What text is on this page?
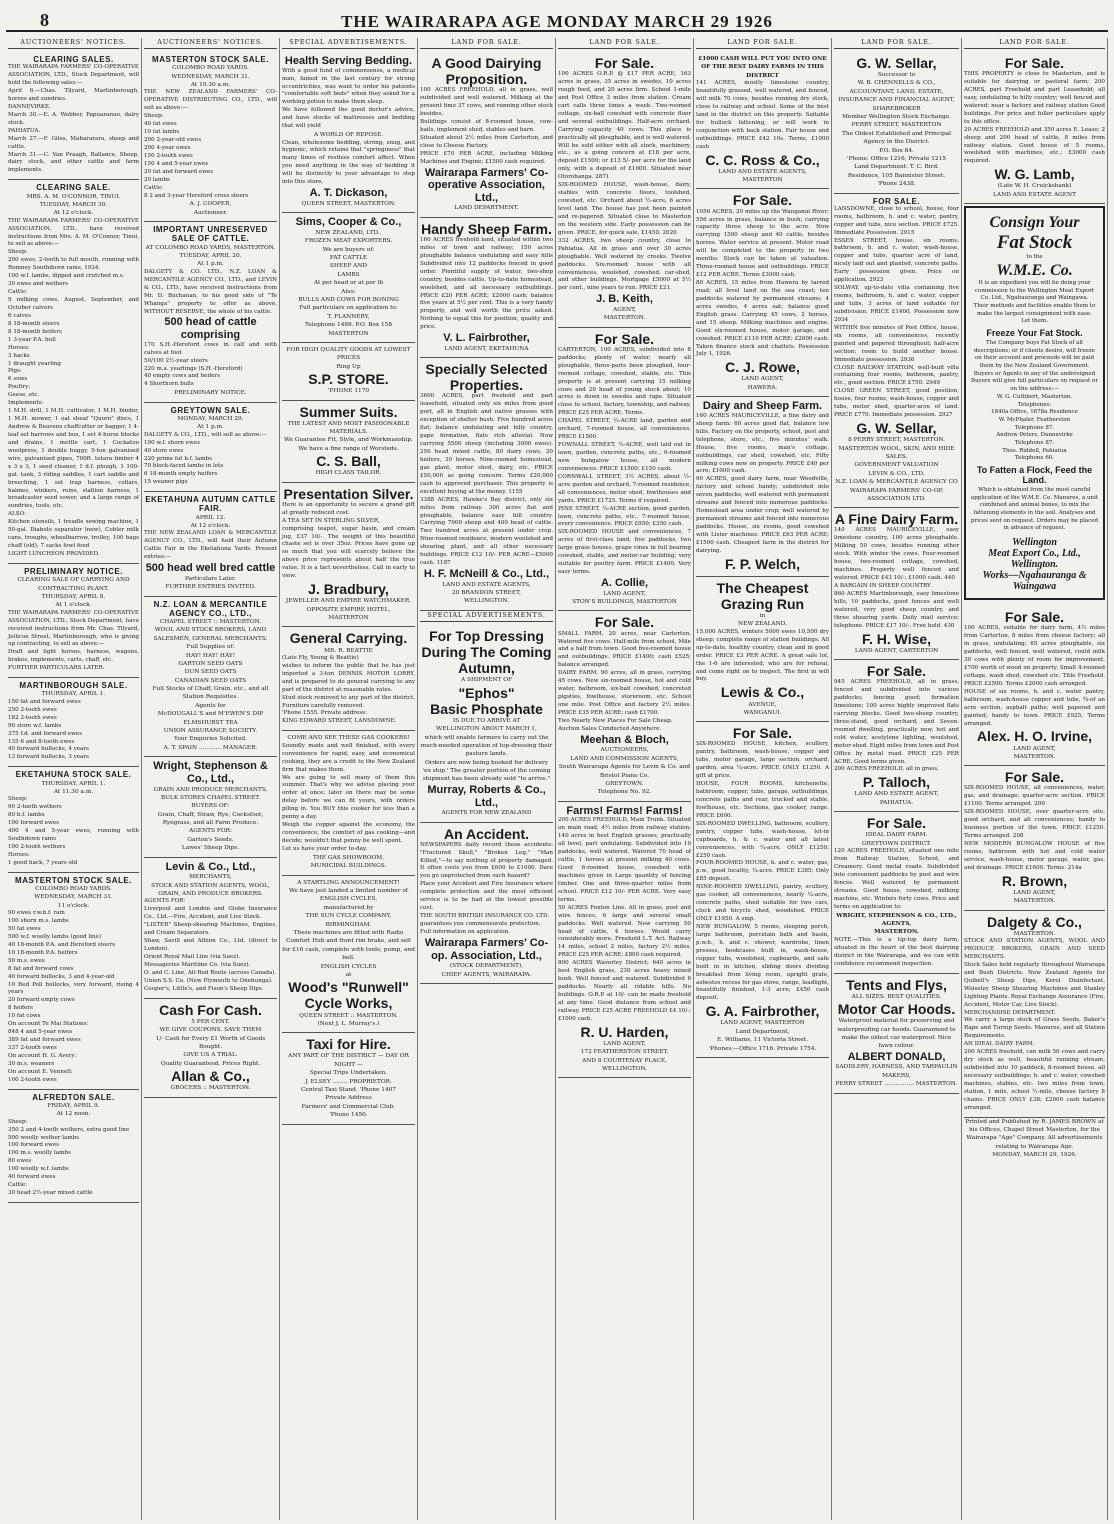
8	THE WAIRARAPA AGE MONDAY MARCH 29 1926
AUCTIONEERS' NOTICES.
CLEARING SALES.
THE WAIRARAPA FARMERS' CO-OPERATIVE ASSOCIATION, LTD., Stock Department, will hold the following sales:—
April 6.—Chas. Tilyard, Martinborough, horses and sundries.
DANNEVIRKE.
March 30.—E. A. Webber, Papuaranuo, dairy stock.
PAHIATUA.
March 27.—F. Giles, Mahararara, sheep and cattle.
March 31.—C. Van Praagh, Ballance, Sheep, dairy stock, and other cattle and farm implements.
CLEARING SALE.
MRS. A. M. O'CONNOR, TINUI.
TUESDAY, MARCH 30.
At 12 o'clock.
THE WAIRARAPA FARMERS' CO-OPERATIVE ASSOCIATION, LTD., have received instructions from Mrs. A. M. O'Connor, Tinui, to sell as above:—
Sheep:
200 ewes, 2-tooth to full mouth, running with Romney Southdown rams, 1924.
100 w.f. lambs, dipped and crutched m.s.
30 ewes and wethers
Cattle:
9 milking cows, August, September, and October calvers
6 calves
8 18-month steers
8 18-month heifers
1 3-year P.A. bull
Horses:
3 hacks
1 draught yearling
Pigs:
6 sows
Poultry:
Geese, etc.
Implements:
1 M.H. drill, 1 M.H. cultivator, 1 M.H. binder, 1 M.H. mower, 1 oat sheaf "Quorn" discs, 1 Andrew & Beavens chaffcutter or bagger, 1 4-leaf set harrows and box, 1 set 4-horse blocks and drains, 1 mettle cart, 1 Cockatoo woolpress, 1 double buggy, 5-ton galvanised wire, galvanised pipes, 700ft. totara timber 4 x 3 x 3, 1 seed cleaner, 1 d.f. plough, 1 100-gal. tank, 3 riding saddles, 1 cart saddle and breeching, 1 set trap harness, collars, haimes, winkers, reins, stallion harness, 1 broadcaster seed sower, and a large range of sundries, tools, etc.
ALSO:
Kitchen utensils, 1 treadle sewing machine, 1 50-gal. Diabolo separator (new), Cobler milk cans, troughs, wheelbarrow, trolley, 100 bags chaff (old), 7 sacks fowl feed
LIGHT LUNCHEON PROVIDED.
PRELIMINARY NOTICE.
CLEARING SALE OF CARRYING AND CONTRACTING PLANT.
THURSDAY, APRIL 8.
At 1 o'clock.
THE WAIRARAPA FARMERS' CO-OPERATIVE ASSOCIATION, LTD., Stock Department, have received instructions from Mr. Chas. Tilyard, Jellicoe Street, Martinborough, who is giving up contracting, to sell as above:—
Draft and light horses, harness, wagons, brakes, implements, carts, chaff, etc.
FURTHER PARTICULARS LATER.
MARTINBOROUGH SALE.
THURSDAY, APRIL 1.
150 fat and forward ewes
250 2-tooth ewes
182 2-tooth ewes
90 store w.f. lambs
375 f.d. and forward ewes
135 6 and 8-tooth ewes
40 forward bullocks, 4 years
13 forward bullocks, 3 years
EKETAHUNA STOCK SALE.
THURSDAY, APRIL 1.
At 11.30 a.m.
Sheep:
90 2-tooth wethers
80 b.f. lambs
100 forward ewes
400 4 and 5-year ewes, running with Southdown rams
100 2-tooth wethers
Horses:
1 good hack, 7 years old
MASTERTON STOCK SALE.
COLOMBO ROAD YARDS.
WEDNESDAY, MARCH 31.
11 o'clock.
90 ewes r.w.b.f. ram
100 shorn m.s. lambs
50 fat ewes
500 w.f. woolly lambs (good line)
40 18-month P.A. and Hereford steers
10 18-month P.A. heifers
50 m.s. ewes
8 fat and forward cows
40 forward bullocks, 3 and 4-year-old
10 Red Poll bullocks, very forward, rising 4 years
20 forward empty cows
8 heifers
10 fat cows
On account Te Mai Stations:
848 4 and 5-year ewes
389 fat and forward ewes
337 2-tooth ewes
On account H. G. Avery:
30 m.s. weaners
On account E. Vennell:
100 2-tooth ewes
ALFREDTON SALE.
FRIDAY, APRIL 9.
At 12 noon.
Sheep:
350 2 and 4-tooth wethers, extra good line
500 woolly wether lambs
100 forward ewes
100 m.s. woolly lambs
80 ewes
100 woolly w.f. lambs
40 forward ewes
Cattle:
30 head 2½-year mixed cattle
AUCTIONEERS' NOTICES.
MASTERTON STOCK SALE.
COLOMBO ROAD YARDS.
WEDNESDAY, MARCH 31.
At 10.30 a.m.
THE NEW ZEALAND FARMERS' CO-OPERATIVE DISTRIBUTING CO., LTD., will sell as above:—
Sheep:
40 fat ewes
10 fat lambs
200 2-year-old ewes
200 4-year ewes
150 2-tooth ewes
150 4 and 5-year ewes
20 fat and forward ewes
20 lambs
Cattle:
8 2 and 3-year Hereford cross steers
A. J. COOPER,
Auctioneer.
IMPORTANT UNRESERVED SALE OF CATTLE.
AT COLOMBO ROAD YARDS, MASTERTON.
TUESDAY, APRIL 20.
At 1 p.m.
DALGETY & CO. LTD., N.Z. LOAN & MERCANTILE AGENCY CO., LTD., and LEVIN & CO., LTD., have received instructions from Mr. D. Buchanan, to his good side of "Te Whanga" property to offer as above, WITHOUT RESERVE, the whole of his cattle.
500 head of cattle comprising
170 S.H.-Hereford cows in calf and with calves at foot
50/100 2½-year steers
220 m.a. yearlings (S.H.-Hereford)
40 empty cows and heifers
4 Shorthorn bulls
PRELIMINARY NOTICE.
GREYTOWN SALE.
MONDAY, MARCH 29.
At 1 p.m.
DALGETY & CO., LTD., will sell as above:—
100 w.f. shorn ewes
40 store ewes
220 prime fat b.f. lambs
70 block-faced lambs in lots
6 18-month empty heifers
15 weaner pigs
EKETAHUNA AUTUMN CATTLE FAIR.
APRIL 12.
At 12 o'clock.
THE NEW ZEALAND LOAN & MERCANTILE AGENCY CO., LTD., will hold their Autumn Cattle Fair in the Eketahuna Yards. Present entries:—
500 head well bred cattle
Particulars Later.
FURTHER ENTRIES INVITED.
N.Z. LOAN & MERCANTILE AGENCY CO., LTD.,
CHAPEL STREET :: MASTERTON.
WOOL AND STOCK BROKERS, LAND SALESMEN, GENERAL MERCHANTS.
Full Supplies of:
HAY! HAY! HAY!
GARTON SEED OATS
DUN SEED OATS
CANADIAN SEED OATS
Full Stocks of Chaff, Grain, etc., and all Station Requisites.
Agents for
McDOUGALL'S and M'EWEN'S DIP
ELMSHURST TEA
UNION ASSURANCE SOCIETY.
Your Enquiries Solicited.
A. T. SPAIN ............ MANAGER.
Wright, Stephenson & Co., Ltd.,
GRAIN AND PRODUCE MERCHANTS,
BULK STORES CHAPEL STREET.
BUYERS OF:
Grain, Chaff, Straw, Rye, Cocksfoot, Ryegrass, and all Farm Produce.
AGENTS FOR:
Garton's Seeds.
Lawes' Sheep Dips.
Levin & Co., Ltd.,
MERCHANTS,
STOCK AND STATION AGENTS, WOOL, GRAIN, AND PRODUCE BROKERS.
AGENTS FOR:
Liverpool and London and Globe Insurance Co., Ltd.—Fire, Accident, and Live Stock.
"LISTER" Sheep-shearing Machines, Engines, and Cream Separators.
Shaw, Savill and Albion Co., Ltd. (direct to London).
Orient Royal Mail Line (via Suez).
Messageries Maritime Co. (via Suez).
O. and C. Line, All-Red Route (across Canada).
Union S.S. Co. (New Plymouth to Onehunga).
Cooper's, Little's, and Fison's Sheep Dips.
Cash For Cash.
5 PER CENT.
WE GIVE COUPONS. SAVE THEM
1/- Cash for Every £1 Worth of Goods Bought.
GIVE US A TRIAL.
Quality Guaranteed. Prices Right.
Allan & Co.,
GROCERS :: MASTERTON.
SPECIAL ADVERTISEMENTS.
Health Serving Bedding.
With a good fund of commonsense, a medical man, famed in the last century for strong eccentricities, was want to order his patients "comfortable soft beds" when they asked for a working potion to make them sleep.
We have followed the good doctor's advice, and have stocks of mattresses and bedding that will yield
A WORLD OF REPOSE.
Clean, wholesome bedding, strong, snug, and hygienic, which retains that "springiness" that many times of restless comfort affect. When you need anything in the way of bedding it will be distinctly to your advantage to step into this store.
A. T. Dickason,
QUEEN STREET, MASTERTON.
Sims, Cooper & Co.,
NEW ZEALAND, LTD.,
FROZEN MEAT EXPORTERS.
We are buyers of:
FAT CATTLE
SHEEP AND
LAMBS
At per head or at per lb
Also:
BULLS AND COWS FOR BONING
Full particulars on application to:
T. FLANNERY,
Telephone 1486. P.O. Box 158
MASTERTON
FOR HIGH QUALITY GOODS AT LOWEST PRICES
Ring Up
S.P. STORE.
'PHONE 1170
Summer Suits.
THE LATEST AND MOST FASHIONABLE MATERIALS.
We Guarantee Fit, Style, and Workmanship.
We have a fine range of Worsteds.
C. S. Ball,
HIGH CLASS TAILOR.
Presentation Silver.
Here is an opportunity to secure a grand gift at greatly reduced cost.
A TEA SET IN STERLING SILVER,
comprising teapot, sugar basin, and cream jug, £37 10/-. The weight of this beautiful chaste set is over 35oz. Prices have gone up so much that you will scarcely believe the above price represents about half the true value. It is a fact nevertheless. Call in early to view.
J. Bradbury,
JEWELLER AND EMPIRE WATCHMAKER,
OPPOSITE EMPIRE HOTEL,
MASTERTON
General Carrying.
MR. R. BEATTIE
(Late Fly, Young & Beattie)
wishes to inform the public that he has just imported a 3-ton DENNIS MOTOR LORRY, and is prepared to do general carrying to any part of the district at reasonable rates.
Stud stock removed to any part of the district. Furniture carefully removed.
'Phone 1555. Private address:
KING EDWARD STREET, LANSDOWNE.
COME AND SEE THESE GAS COOKERS!
Soundly made and well finished, with every convenience for rapid, easy, and economical cooking, they are a credit to the New Zealand firm that makes them.
We are going to sell many of them this summer. That's why we advise placing your order at once; later on there may be some delay before we can fit yours, with orders piling in. You BUY this cooker for less than a penny a day.
Weigh the copper against the economy, the convenience, the comfort of gas cooking—and decide; wouldn't that penny be well spent.
Let us have your order to-day.
THE GAS SHOWROOM,
MUNICIPAL BUILDINGS.
A STARTLING ANNOUNCEMENT!
We have just landed a limited number of
ENGLISH CYCLES,
manufactured by
THE SUN CYCLE COMPANY,
BIRMINGHAM.
These machines are fitted with Radio Comfort Hub and front rim brake, and sell for £16 cash, complete with tools, pump, and bell.
ENGLISH CYCLES
at
Wood's "Runwell" Cycle Works,
QUEEN STREET :: MASTERTON.
(Next J. L. Murray's.)
Taxi for Hire.
ANY PART OF THE DISTRICT — DAY OR NIGHT —
Special Trips Undertaken.
J. ELSEY ........ PROPRIETOR.
Central Taxi Stand. 'Phone 1407
Private Address
Farmers' and Commercial Club.
'Phone 1450.
LAND FOR SALE.
A Good Dairying Proposition.
100 ACRES FREEHOLD, all in grass, well subdivided and well watered. Milking at the present time 37 cows, and running other stock besides.
Buildings consist of 8-roomed house, cow-bails, implement shed, stables and barn.
Situated about 2½ miles from Carterton, and close to Cheese Factory.
PRICE £70 PER ACRE, including Milking Machines and Engine; £1500 cash required.
Wairarapa Farmers' Co-operative Association, Ltd.,
LAND DEPARTMENT.
Handy Sheep Farm.
160 ACRES freehold land, situated within two miles of town and railway; 150 acres ploughable balance undulating and easy hills Subdivided into 12 paddocks fenced in good order. Plentiful supply of water, two-shop country, besides cattle. Up-to-date homestead, woolshed, and all necessary outbuildings. PRICE £20 PER ACRE; £2000 cash; balance five years at 5½ per cent. This is a very handy property, and well worth the price asked. Nothing to equal this for position, quality and price.
V. L. Fairbrother,
LAND AGENT, EKETAHUNA
Specially Selected Properties.
3600 ACRES, part freehold and part leasehold, situated only six miles from good port, all in English and native grasses with exception of shelter bush. Five hundred acres flat; balance undulating and hilly country, pape formation, flats rich alluvial. Now carrying 5500 sheep (including 3000 ewes), 250 head mixed cattle, 80 dairy cows, 20 heifers, 30 horses. Nine-roomed homestead, gas plant, motor shed, dairy, etc. PRICE £50,000 as going concern. Terms £20,000 cash to approved purchaser. This property is excellent buying at the money. 1155
3388 ACRES, Hawke's Bay district, only six miles from railway. 300 acres flat and ploughable, balance easy hill country. Carrying 7000 sheep and 400 head of cattle. Two hundred acres at present under crop. Nine-roomed residence, modern woolshed and shearing plant, and all other necessary buildings. PRICE £12 10/- PER ACRE—£5000 cash. 1187
H. F. McNeill & Co., Ltd.,
LAND AND ESTATE AGENTS,
20 BRANDON STREET,
WELLINGTON.
SPECIAL ADVERTISEMENTS.
For Top Dressing During The Coming Autumn,
A SHIPMENT OF
"Ephos"
Basic Phosphate
IS DUE TO ARRIVE AT
WELLINGTON ABOUT MARCH 1,
which will enable farmers to carry out the much-needed operation of top-dressing their pasture lands.
Orders are now being booked for delivery 'ex ship.' The greater portion of the coming shipment has been already sold "to arrive."
Murray, Roberts & Co., Ltd.,
AGENTS FOR NEW ZEALAND
An Accident.
NEWSPAPERS daily record these accidents: "Fractured Skull," "Broken Leg," "Man Killed,"—to say nothing of property damaged. It often costs you from £600 to £1000. Dare you go unprotected from such hazard?
Place your Accident and Fire Insurance where complete protection and the most efficient service is to be had at the lowest possible cost.
THE SOUTH BRITISH INSURANCE CO. LTD.
guarantees you commensurate protection.
Full information on application.
Wairarapa Farmers' Co-op. Association, Ltd.,
(STOCK DEPARTMENT),
CHIEF AGENTS, WAIRARAPA.
LAND FOR SALE.
For Sale.
100 ACRES O.R.P. @ £17 PER ACRE, 163 acres in grass, 35 acres in swedes, 10 acres rough feed, and 20 acres firm. School 1-mile and Post Office 3 miles from station. Cream cart calls three times a week. Two-roomed cottage, six-ball cowshed with concrete floor and several outbuildings. Half-acre orchard. Carrying capacity 40 cows. This place is practically all ploughable, and is well watered. Will be sold either with all stock, machinery, etc., as a going concern at £18 per acre, deposit £1500; or £13 5/- per acre for the land only, with a deposit of £1000. Situated near Otorohanga. 2871
SIX-ROOMED HOUSE, wash-house, dairy, stables with concrete floors, toolshed, cowshed, etc. Orchard about ½-acre, 6 acres level land. The house has just been painted and re-papered. Situated close to Masterton on the western side. Early possession can be given. PRICE, for quick sale, £1450. 2020
332 ACRES, two sheep country, close to Pahiatua. All in grass and over 30 acres ploughable. Well watered by creeks. Twelve paddocks. Six-roomed house with all conveniences, woolshed, cowshed, car-shed, and other buildings. Mortgage £5000 at 5½ per cent., nine years to run. PRICE £21.
J. B. Keith,
AGENT,
MASTERTON.
For Sale.
CARTERTON, 100 ACRES, subdivided into 8 paddocks, plenty of water, nearly all ploughable, three-parts been ploughed, four-roomed cottage, cowshed, stable, etc. This property is at present carrying 15 milking cows and 20 head of young stock about; 10 acres is down in swedes and rape. Situated close to school, factory, township, and railway. PRICE £25 PER ACRE. Terms.
CHAPEL STREET, ¼-ACRE land, garden and orchard, 7-roomed house, all conveniences. PRICE £1500.
FOWNALL STREET, ¼-ACRE, well laid out in lawn, garden, concrete paths, etc., 6-roomed new bungalow house, all modern conveniences. PRICE £1500; £150 cash.
CORNWALL STREET, 3½ ACRES, about ½-acre garden and orchard, 7-roomed residence, all conveniences, motor shed, fowlhouses and yards. PRICE £1725. Terms if required.
PINE STREET, ¼-ACRE section, good garden, lawn, concrete paths, etc., 7-roomed house, every convenience. PRICE £950; £350 cash.
SIX-ROOMED HOUSE and conveniences, 7 acres of first-class land, five paddocks, two large grass houses, grape vines in full bearing cowshed, stable, and motor-car building; very suitable for poultry farm. PRICE £1400. Very easy terms.
A. Collie,
LAND AGENT,
STON'S BUILDINGS, MASTERTON
For Sale.
SMALL FARM, 20 acres, near Carterton. Watered five cows. Half-mile from school, Mile and a half from town. Good five-roomed house and outbuildings. PRICE £1400; cash £525; balance arranged.
DAIRY FARM, 90 acres, all in grass, carrying 45 cows. New six-roomed house, hot and cold water, bathroom, six-bail cowshed, concreted pigsties, fowlhouse, storeroom, etc. School one mile. Post Office and factory 2½ miles. PRICE £35 PER ACRE; cash £1700.
Two Nearly New Places For Sale Cheap.
Auction Sales Conducted Anywhere.
Meehan & Bloch,
AUCTIONEERS,
LAND AND COMMISSION AGENTS,
South Wairarapa Agents for Levin & Co. and Bristol Piano Co.
GREYTOWN.
Telephone No. 92.
Farms! Farms! Farms!
200 ACRES FREEHOLD, Main Trunk. Situated on main road, 4½ miles from railway station; 140 acres in best English grasses, practically all level, part undulating. Subdivided into 10 paddocks, well watered. Watered 70 head of cattle, 1 horses at present milking 40 cows. Good 6-roomed house, cowshed with machines given in Large quantity of fencing timber. One and three-quarter miles from school. PRICE £12 10/- PER ACRE. Very easy terms.
50 ACRES Foxton Line. All in grass, post and wire fences, 6 large and several small paddocks. Well watered. Now carrying 50 head of cattle, 4 horses. Would carry considerably more. Freehold L.T. Act. Railway 14 miles, school 2 miles, factory 2½ miles. PRICE £25 PER ACRE; £800 cash required.
800 ACRES Waverley District; 640 acres in best English grass, 230 acres heavy mixed bush. Well fenced and watered. Subdivided 6 paddocks. Nearly all ridable hills. No buildings. O.R.P. at 10/- can be made freehold at any time. Good distance from school and railway. PRICE £25 ACRE FREEHOLD £4 10/-; £1000 cash.
R. U. Harden,
LAND AGENT,
172 FEATHERSTON STREET,
AND 8 COURTENAY PLACE,
WELLINGTON.
LAND FOR SALE.
£1000 CASH WILL PUT YOU INTO ONE OF THE BEST DAIRY FARMS IN THIS DISTRICT
141 ACRES, mostly limestone country, beautifully grassed, well watered, and fenced, will milk 70 cows, besides running dry stock, close to railway and school. Some of the best land in the district on this property. Suitable for bullock fattening, or will work in conjunction with back station. Fair house and outbuildings. PRICE £42 10s. Terms, £1000 cash
C. C. Ross & Co.,
LAND AND ESTATE AGENTS,
MASTERTON
For Sale.
1056 ACRES, 20 miles up the Wanganui River; 556 acres in grass, balance in bush; carrying capacity three sheep to the acre. Now carrying 1500 sheep and 40 cattle, besides horses. Water service at present. Motor road will be completed to the property in two months. Stock can be taken at valuation. Three-roomed house and outbuildings. PRICE £12 PER ACRE. Terms £3000 cash.
80 ACRES, 15 miles from Hawera by tarred road; all level land on the sea coast; ten paddocks watered by permanent streams; 4 acres swedes, 4 acres oat; balance good English grass. Carrying 45 cows, 2 horses, and 15 sheep. Milking machines and engine. Good six-roomed house, motor garage, and cowshed. PRICE £110 PER ACRE; £2000 cash. Taken finance stock and chattels. Possession July 1, 1926.
C. J. Rowe,
LAND AGENT,
HAWERA.
Dairy and Sheep Farm.
160 ACRES MAURICEVILLE, a fine dairy and sheep farm; 60 acres good flat, balance low hills. Factory on the property, school, post and telephone, store, etc., five minutes' walk. House, five rooms, man's cottage, outbuildings, car shed, cowshed, etc. Fifty milking cows now on property. PRICE £40 per acre; £1000 cash.
90 ACRES, good dairy farm, near Woodville, factory and school handy; subdivided into seven paddocks, well watered with permanent streams and fenced into numerous paddocks. Homestead area under crop; well watered by permanent streams and fenced into numerous paddocks. House, six rooms, good cowshed with Lister machines. PRICE £63 PER ACRE; £1500 cash. Cheapest farm in the district for dairying.
F. P. Welch,
The Cheapest Grazing Run
in
NEW ZEALAND.
15,000 ACRES, winters 5000 ewes 10,500 dry sheep; complete range of station buildings. All up-to-date, healthy country, clean and in good order. PRICE £3 PER ACRE. A great sale lot, the 1-6 are interested, who are for refusal, and come right on to inspect. The first in will buy.
Lewis & Co.,
AVENUE,
WANGANUI.
For Sale.
SIX-ROOMED HOUSE, kitchen, scullery, pantry, bathroom, wash-house, copper and tubs, motor garage, large section, orchard, garden, area ¼-acre. PRICE ONLY £1250. A gift at price.
HOUSE, FOUR ROOMS, kitchenette, bathroom, copper, tubs, garage, outbuildings, concrete paths and rear, trucked and stable, fowlhouse, etc. Sections, gas cooker, range. PRICE £600.
SIX-ROOMED DWELLING, bathroom, scullery, pantry, copper tubs, wash-house, lot-in cupboards, h. & c. water and all latest conveniences, with ¼-acre. ONLY £1250; £250 cash.
FOUR-ROOMED HOUSE, h. and c. water, gas, p.w., good locality, ¼-acre. PRICE £385; Only £85 deposit.
NINE-ROOMED DWELLING, pantry, scullery, gas cooker, all conveniences, nearly ¼-acre, concrete paths, shed suitable for two cars, clock and bicycle shed, woodshed. PRICE ONLY £1950. A snip.
NEW BUNGALOW, 5 rooms, sleeping porch, large bathroom, porcelain bath and basin, p.w.b., h. and c. shower, wardrobe, linen presses, bookcases built in, wash-house, copper tubs, woodshed, cupboards, and safe built in in kitchen, sliding doors dividing breakfast from living room, upright grate, asbestos recess for gas stove, range, leadlight, beautifully finished, 1-3 acre; £450 cash deposit.
G. A. Fairbrother,
LAND AGENT, MASTERTON
Land Department,
E. Williams, 11 Victoria Street.
'Phones:—Office 1716. Private 1754.
LAND FOR SALE.
G. W. Sellar,
Successor to
W. B. CHENNELLS & CO.,
ACCOUNTANT, LAND, ESTATE, INSURANCE AND FINANCIAL AGENT,
SHAREBROKER
Member Wellington Stock Exchange.
PERRY STREET, MASTERTON
The Oldest Established and Principal Agency in the District.
P.O. Box 84.
'Phone: Office 1216, Private 1215
Land Department: T. C. Bird.
Residence, 105 Bannister Street.
'Phone 2438.
FOR SALE.
LANSDOWNE, close to school, house, four rooms, bathroom, h. and c. water, pantry, copper and tubs, nice section. PRICE £725. Immediate Possession. 2915
ESSEX STREET, house, six rooms, bathroom, h. and c. water, wash-house, copper and tubs, quarter acre of land, nicely laid out and planted, concrete paths. Early possession given. Price on application. 2923
SOLWAY, up-to-date villa containing five rooms, bathroom, h. and c. water, copper and tubs, 3 acres of land suitable for subdivision. PRICE £1400. Possession now 2934
WITHIN five minutes of Post Office, house, six rooms, all conveniences, recently painted and papered throughout; half-acre section; room to build another house. Immediate possession. 2936
CLOSE RAILWAY STATION, well-built villa containing four rooms, bathroom, pantry, etc., good section. PRICE £750. 2949
CLOSE GREEN STREET, good position, house, four rooms, wash-house, copper and tubs, motor shed, quarter-acre of land. PRICE £770. Immediate possession. 2927
G. W. Sellar,
8 PERRY STREET, MASTERTON.
MASTERTON WOOL, SKIN, AND HIDE SALES.
GOVERNMENT VALUATION
LEVIN & CO., LTD.
N.Z. LOAN & MERCANTILE AGENCY CO
WAIRARAPA FARMERS' CO-OP.
ASSOCIATION LTD.
A Fine Dairy Farm.
140 ACRES MAURICEVILLE, easy limestone country, 100 acres ploughable. Milking 50 cows, besides running other stock. With winter the cows. Four-roomed house, two-roomed cottage, cowshed, machines. Property well fenced and watered. PRICE £43 10/-; £1000 cash. 440
A BARGAIN IN SHEEP COUNTRY
860 ACRES Martinborough, easy limestone hills, 10 paddocks, good fences and well watered, very good sheep country, and three shearing yards. Daily mail service; telephone. PRICE £17 10/-. Free hold. 430
F. H. Wise,
LAND AGENT, CARTERTON
For Sale.
945 ACRES FREEHOLD, all in grass, fenced and subdivided into various paddocks; fencing good; formation limestone; 100 acres highly improved flats carrying blocks. Good two-sheep country, three-stand, good orchard, and Seven-roomed dwelling, practically new, hot and cold water, acetylene lighting, woolshed, motor-shed. Eight miles from town and Post Office by metal road. PRICE £25 PER ACRE. Good terms given.
200 ACRES FREEHOLD, all in grass,
P. Talloch,
LAND AND ESTATE AGENT,
PAHIATUA.
For Sale.
IDEAL DAIRY FARM.
GREYTOWN DISTRICT.
120 ACRES FREEHOLD, situated one mile from Railway Station, School, and Creamery. Good metal roads. Subdivided into convenient paddocks by post and wire fences. Well watered by permanent streams. Good house, cowshed, milking machine, etc. Winters forty cows. Price and terms on application to:
WRIGHT, STEPHENSON & CO., LTD., AGENTS,
MASTERTON.
NOTE.—This is a tip-top dairy farm, situated in the heart of the best dairying district in the Wairarapa, and we can with confidence recommend inspection.
Tents and Flys,
ALL SIZES. BEST QUALITIES.
Motor Car Hoods.
Waterproof material for preserving and waterproofing car hoods. Guaranteed to make the oldest car waterproof. Nice fawn colour.
ALBERT DONALD,
SADDLERY, HARNESS, AND TARPAULIN MAKERS,
PERRY STREET ................ MASTERTON.
LAND FOR SALE.
For Sale.
THIS PROPERTY is close to Masterton, and is suitable for dairying or pastoral farm; 200 ACRES, part Freehold and part Leasehold; all easy, undulating to hilly country; well fenced and watered; near a factory and railway station Good buildings. For price and fuller particulars apply to this office.
20 ACRES FREEHOLD and 350 acres E. Lease; 2 sheep and 200 head of cattle, 8 miles from railway station. Good house of 5 rooms, woolshed with machines, etc.; £3000 cash required.
W. G. Lamb,
(Late W. H. Cruickshank)
LAND AND ESTATE AGENT
Consign Your
Fat Stock
to the
W.M.E. Co.
It is an expedient you will be doing your commission to the Wellington Meat Export Co. Ltd., Ngahauranga and Waingawa.
Their methods and facilities enable them to make the largest consignment with ease.
Let them.
Freeze Your Fat Stock.
The Company buys Fat Stock of all descriptions; or if clients desire, will freeze on their account and proceeds will be paid them by the New Zealand Government.
Buyers or Agents in any of the undersigned Buyers will give full particulars on request or on the address:—
W. G. Cuthbert, Masterton.
Telephones:
1840a Office, 1678a Residence
W. McPhaler, Featherston
Telephone 87.
Andrew Peters, Dannevirke
Telephone 87.
Thos. Riddell, Pahiatua
Telephone 60.
To Fatten a Flock, Feed the Land.
Which is obtained from the most careful application of the W.M.E. Co. Manures, a unit combined and animal bones, to mix the fattening elements in the soil. Analyses and prices sent on request. Orders may be placed in advance of request.
Wellington
Meat Export Co., Ltd.,
Wellington.
Works—Ngahauranga & Waingawa
For Sale.
100 ACRES, suitable for dairy farm, 4½ miles from Carterton, 8 miles from cheese factory; all in grass, undulating; 65 acres ploughable, six paddocks, well fenced, well watered, could milk 30 cows with plenty of room for improvement. £700 worth of wood on property. Small 4-roomed cottage, wash shed, cowshed etc. Title Freehold. PRICE £2500. Terms £2000 cash arranged.
HOUSE of six rooms, h. and c. water pantry, bathroom, wash-house copper and tubs, ¾-of an acre section, asphalt paths; well papered and painted; handy to town. PRICE £925. Terms arranged.
Alex. H. O. Irvine,
LAND AGENT,
MASTERTON.
For Sale.
SIX-ROOMED HOUSE, all conveniences, water, gas, and drainage; quarter-acre section. PRICE £1100. Terms arranged. 200
SIX-ROOMED HOUSE, over quarter-acre site, good orchard, and all conveniences; handy to business portion of the town. PRICE £1250. Terms arranged. 208
NEW MODERN BUNGALOW HOUSE of five rooms, bathroom with hot and cold water service, wash-house, motor garage, water, gas, and drainage. PRICE £1600. Terms. 214a
R. Brown,
LAND AGENT,
MASTERTON.
Dalgety & Co.,
MASTERTON.
STOCK AND STATION AGENTS, WOOL AND PRODUCE BROKERS, GRAIN AND SEED MERCHANTS.
Stock Sales held regularly throughout Wairarapa and Bush Districts. New Zealand Agents for Quibell's Sheep Dips, Kerol Disinfectant, Wolseley Sheep Shearing Machines and Stanley Lighting Plants. Royal Exchange Assurance (Fire, Accident, Motor Car, Live Stock).
MERCHANDISE DEPARTMENT.
We carry a large stock of Grass Seeds, Baker's Rape and Turnip Seeds. Manures, and all Station Requirements.
AN IDEAL DAIRY FARM.
200 ACRES freehold, can milk 50 cows and carry dry stock as well, beautiful running stream, subdivided into 10 paddock, 8-roomed house, all necessary outbuildings; h. and c. water, cowshed machines, stables, etc. two miles from town, station, 1 mile, school ½-mile, cheese factory 8 chains. PRICE ONLY £38; £2000 cash balance arranged.
Printed and Published by R. JAMES BROWN at his Offices, Chapel Street Masterton, for the Wairarapa "Age" Company. All advertisements relating to Wairarapa Age.
MONDAY, MARCH 29, 1926.
